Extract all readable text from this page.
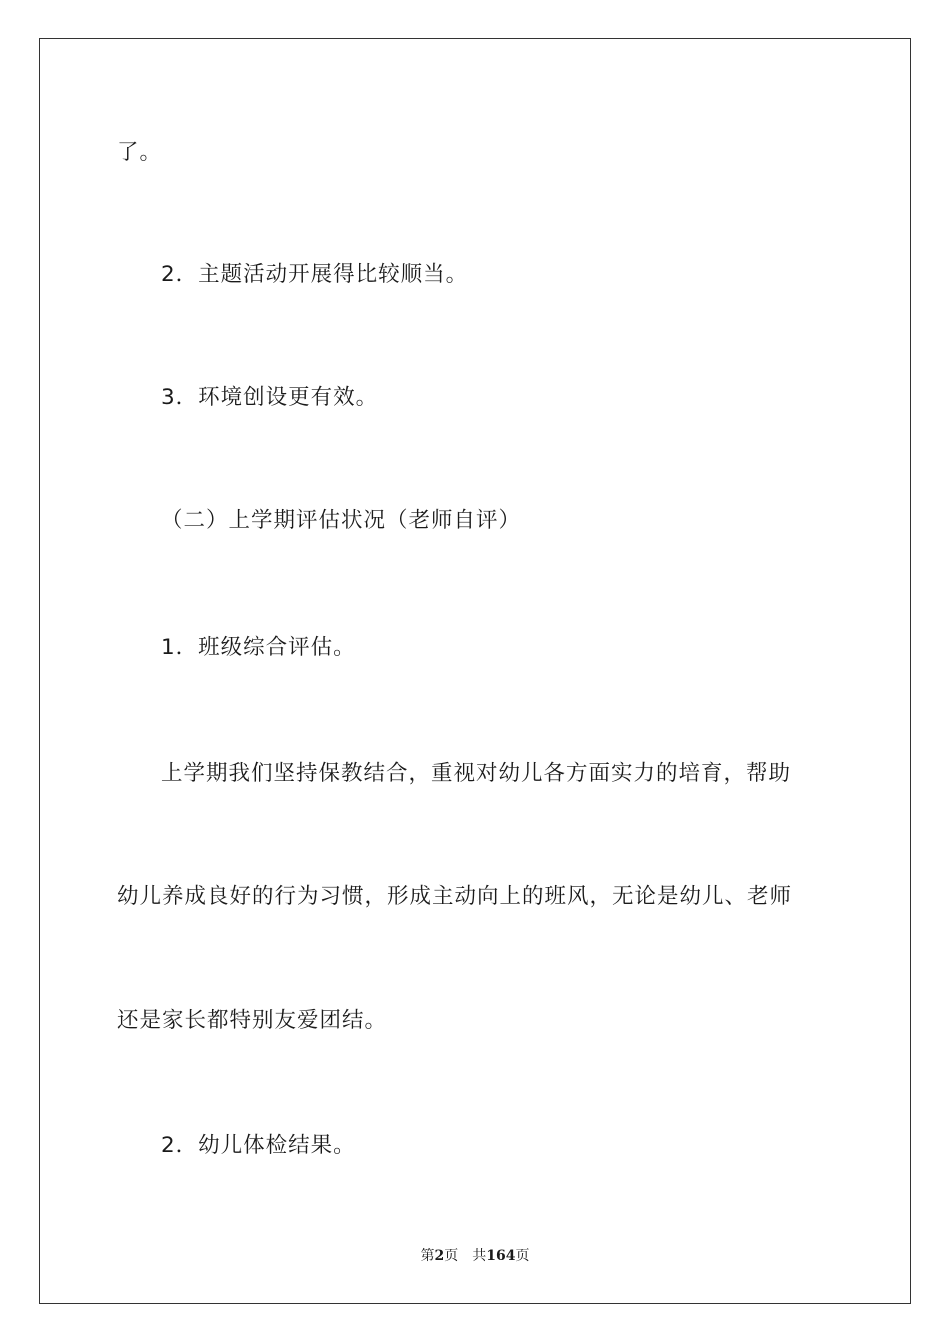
了。
2．主题活动开展得比较顺当。
3．环境创设更有效。
（二）上学期评估状况（老师自评）
1．班级综合评估。
上学期我们坚持保教结合，重视对幼儿各方面实力的培育，帮助
幼儿养成良好的行为习惯，形成主动向上的班风，无论是幼儿、老师
还是家长都特别友爱团结。
2．幼儿体检结果。
第2页 共164页
